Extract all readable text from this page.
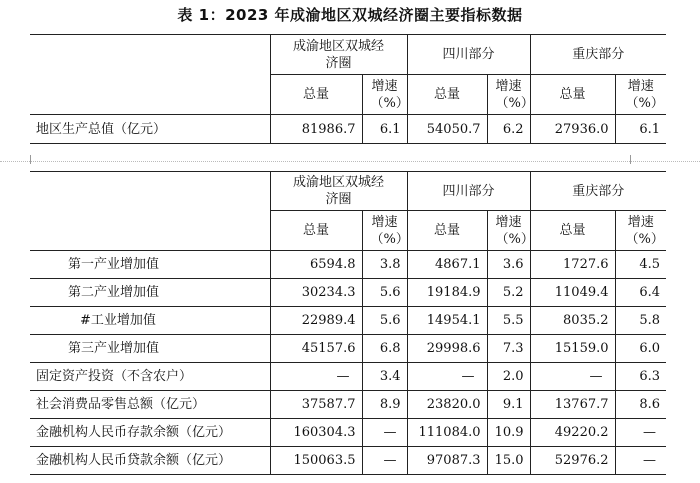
表 1：2023 年成渝地区双城经济圈主要指标数据
	成渝地区双城经济圈		四川部分		重庆部分	
	总量	增速（%）	总量	增速（%）	总量	增速（%）
地区生产总值（亿元）	81986.7	6.1	54050.7	6.2	27936.0	6.1
	成渝地区双城经济圈		四川部分		重庆部分	
	总量	增速（%）	总量	增速（%）	总量	增速（%）
第一产业增加值	6594.8	3.8	4867.1	3.6	1727.6	4.5
第二产业增加值	30234.3	5.6	19184.9	5.2	11049.4	6.4
#工业增加值	22989.4	5.6	14954.1	5.5	8035.2	5.8
第三产业增加值	45157.6	6.8	29998.6	7.3	15159.0	6.0
固定资产投资（不含农户）	—	3.4	—	2.0	—	6.3
社会消费品零售总额（亿元）	37587.7	8.9	23820.0	9.1	13767.7	8.6
金融机构人民币存款余额（亿元）	160304.3	—	111084.0	10.9	49220.2	—
金融机构人民币贷款余额（亿元）	150063.5	—	97087.3	15.0	52976.2	—
